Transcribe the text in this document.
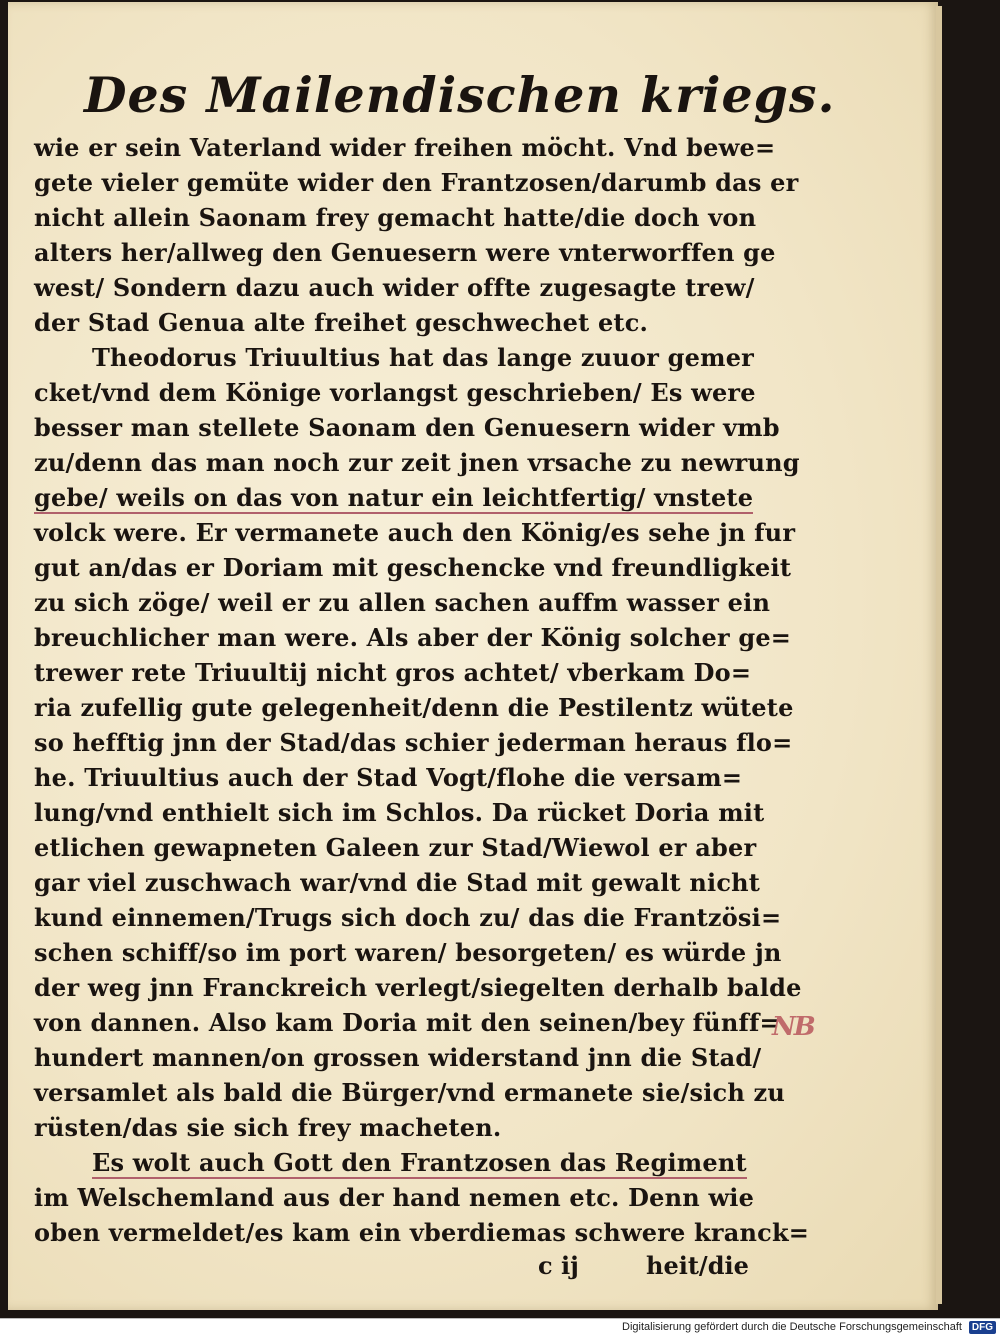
Des Mailendischen kriegs.
wie er sein Vaterland wider freihen möcht. Vnd bewe=
gete vieler gemüte wider den Frantzosen/darumb das er
nicht allein Saonam frey gemacht hatte/die doch von
alters her/allweg den Genuesern were vnterworffen ge
west/ Sondern dazu auch wider offte zugesagte trew/
der Stad Genua alte freihet geschwechet etc.
Theodorus Triuultius hat das lange zuuor gemer
cket/vnd dem Könige vorlangst geschrieben/ Es were
besser man stellete Saonam den Genuesern wider vmb
zu/denn das man noch zur zeit jnen vrsache zu newrung
gebe/ weils on das von natur ein leichtfertig/ vnstete
volck were. Er vermanete auch den König/es sehe jn fur
gut an/das er Doriam mit geschencke vnd freundligkeit
zu sich zöge/ weil er zu allen sachen auffm wasser ein
breuchlicher man were. Als aber der König solcher ge=
trewer rete Triuultij nicht gros achtet/ vberkam Do=
ria zufellig gute gelegenheit/denn die Pestilentz wütete
so hefftig jnn der Stad/das schier jederman heraus flo=
he. Triuultius auch der Stad Vogt/flohe die versam=
lung/vnd enthielt sich im Schlos. Da rücket Doria mit
etlichen gewapneten Galeen zur Stad/Wiewol er aber
gar viel zuschwach war/vnd die Stad mit gewalt nicht
kund einnemen/Trugs sich doch zu/ das die Frantzösi=
schen schiff/so im port waren/ besorgeten/ es würde jn
der weg jnn Franckreich verlegt/siegelten derhalb balde
von dannen. Also kam Doria mit den seinen/bey fünff=
hundert mannen/on grossen widerstand jnn die Stad/
versamlet als bald die Bürger/vnd ermanete sie/sich zu
rüsten/das sie sich frey macheten.
Es wolt auch Gott den Frantzosen das Regiment
im Welschemland aus der hand nemen etc. Denn wie
oben vermeldet/es kam ein vberdiemas schwere kranck=
c ij	heit/die
NB
Digitalisierung gefördert durch die Deutsche Forschungsgemeinschaft DFG
